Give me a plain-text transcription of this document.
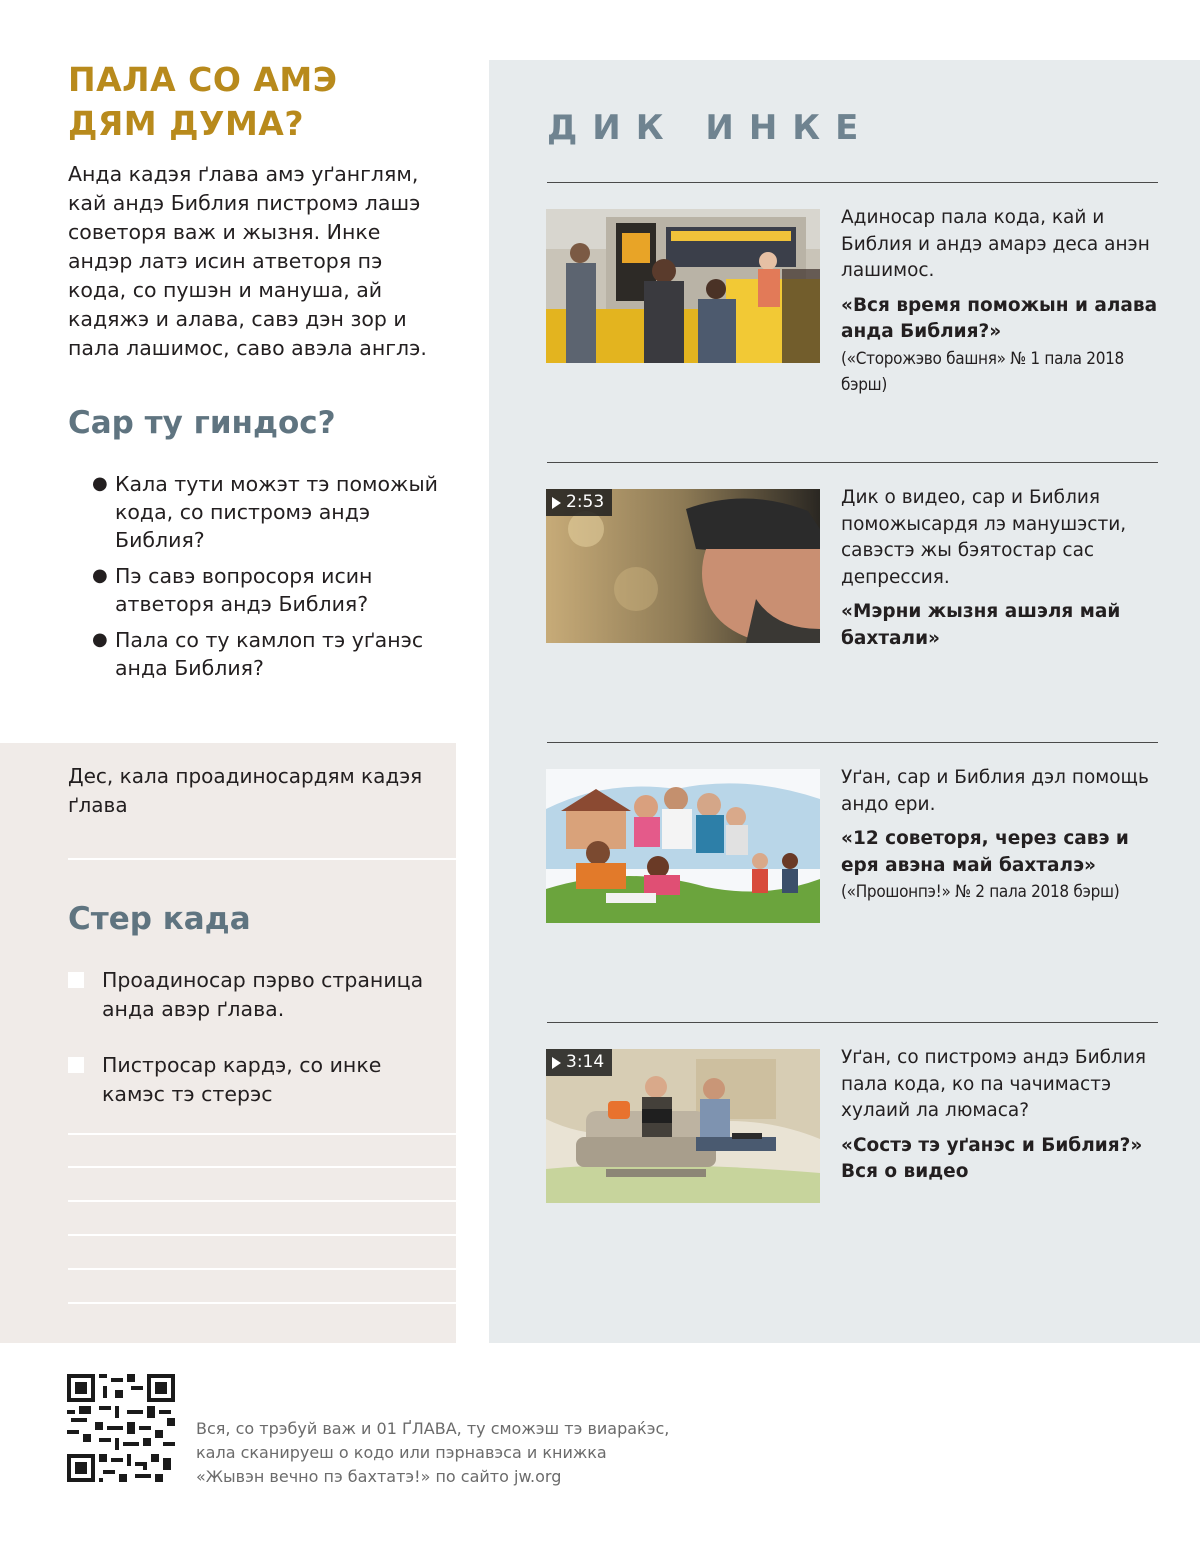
ПАЛА СО АМЭ
ДЯМ ДУМА?

Анда кадэя ґлава амэ уґанглям, кай андэ Библия пистромэ лашэ советоря важ и жызня. Инке андэр латэ исин атветоря пэ кода, со пушэн и мануша, ай кадяжэ и алава, савэ дэн зор и пала лашимос, саво авэла англэ.

Сар ту гиндос?
● Кала тути можэт тэ поможый кода, со пистромэ андэ Библия?
● Пэ савэ вопросоря исин атветоря андэ Библия?
● Пала со ту камлоп тэ уґанэс анда Библия?

Дес, кала проадиносардям кадэя ґлава

Стер када
Проадиносар пэрво страница анда авэр ґлава.
Пистросар кардэ, со инке камэс тэ стерэс
ДИК ИНКЕ
Адиносар пала кода, кай и Библия и андэ амарэ деса анэн лашимос.
«Вся время поможын и алава анда Библия?»
(«Сторожэво башня» № 1 пала 2018 бэрш)
2:53	Дик о видео, сар и Библия поможысардя лэ манушэсти, савэстэ жы бэятостар сас депрессия.
«Мэрни жызня ашэля май бахтали»
Уґан, сар и Библия дэл помощь андо ери.
«12 советоря, через савэ и еря авэна май бахталэ»
(«Прошонпэ!» № 2 пала 2018 бэрш)
3:14	Уґан, со пистромэ андэ Библия пала кода, ко па чачимастэ хулаий ла люмаса?
«Состэ тэ уґанэс и Библия?» Вся о видео

Вся, со трэбуй важ и 01 ҐЛАВА, ту сможэш тэ виараќэс,
кала сканируеш о кодо или пэрнавэса и книжка
«Жывэн вечно пэ бахтатэ!» по сайто jw.org
